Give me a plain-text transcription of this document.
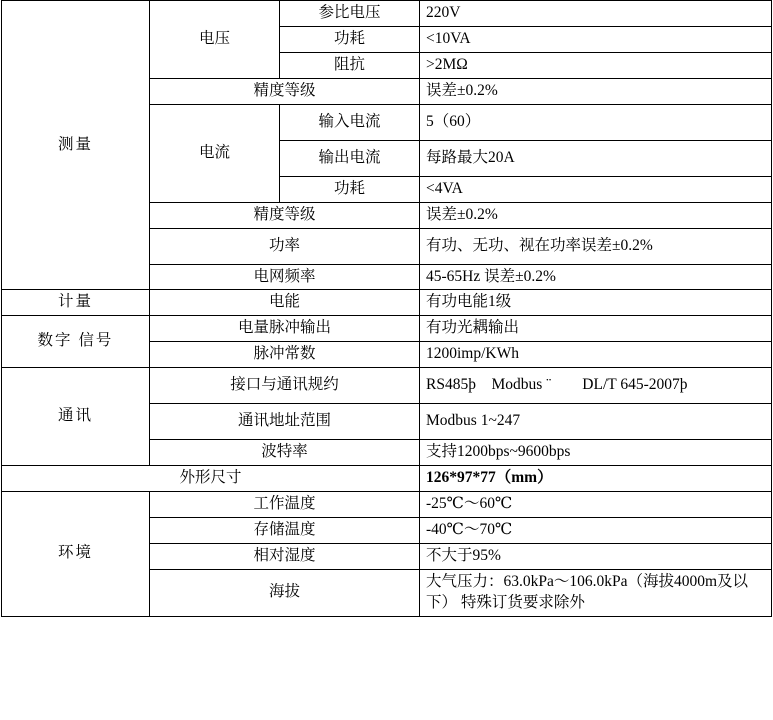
测量	电压	参比电压	220V
		功耗	<10VA
		阻抗	>2MΩ
	精度等级		误差±0.2%
	电流	输入电流	5（60）
		输出电流	每路最大20A
		功耗	<4VA
	精度等级		误差±0.2%
	功率		有功、无功、视在功率误差±0.2%
	电网频率		45-65Hz 误差±0.2%
计量	电能		有功电能1级
数字 信号	电量脉冲输出		有功光耦输出
	脉冲常数		1200imp/KWh
通讯	接口与通讯规约		RS485þ　Modbus ¨　　DL/T 645-2007þ
	通讯地址范围		Modbus 1~247
	波特率		支持1200bps~9600bps
外形尺寸			126*97*77（mm）
环境	工作温度		-25℃～60℃
	存储温度		-40℃～70℃
	相对湿度		不大于95%
	海拔		大气压力：63.0kPa～106.0kPa（海拔4000m及以下） 特殊订货要求除外
